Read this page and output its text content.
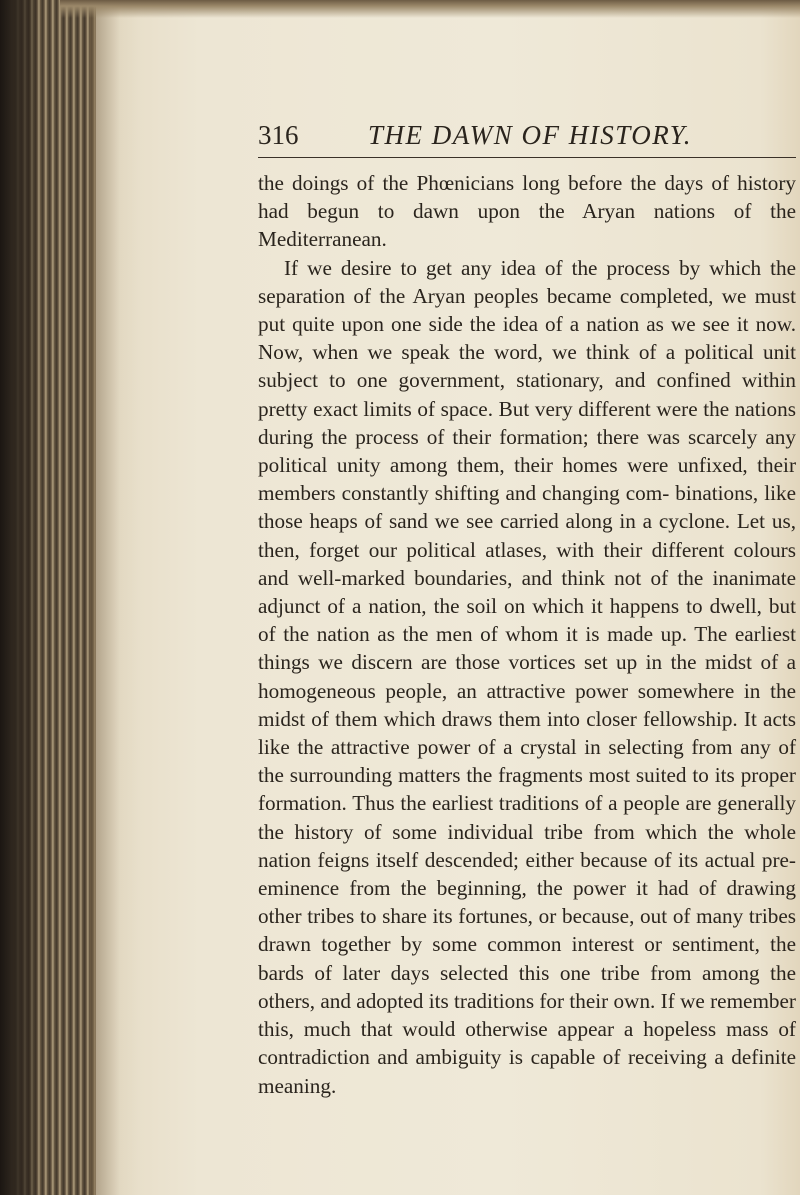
316	THE DAWN OF HISTORY.

the doings of the Phœnicians long before the days of history had begun to dawn upon the Aryan nations of the Mediterranean.

If we desire to get any idea of the process by which the separation of the Aryan peoples became completed, we must put quite upon one side the idea of a nation as we see it now. Now, when we speak the word, we think of a political unit subject to one government, stationary, and confined within pretty exact limits of space. But very different were the nations during the process of their formation; there was scarcely any political unity among them, their homes were unfixed, their members constantly shifting and changing com- binations, like those heaps of sand we see carried along in a cyclone. Let us, then, forget our political atlases, with their different colours and well-marked boundaries, and think not of the inanimate adjunct of a nation, the soil on which it happens to dwell, but of the nation as the men of whom it is made up. The earliest things we discern are those vortices set up in the midst of a homogeneous people, an attractive power somewhere in the midst of them which draws them into closer fellowship. It acts like the attractive power of a crystal in selecting from any of the surrounding matters the fragments most suited to its proper formation. Thus the earliest traditions of a people are generally the history of some individual tribe from which the whole nation feigns itself descended; either because of its actual pre-eminence from the beginning, the power it had of drawing other tribes to share its fortunes, or because, out of many tribes drawn together by some common interest or sentiment, the bards of later days selected this one tribe from among the others, and adopted its traditions for their own. If we remember this, much that would otherwise appear a hopeless mass of contradiction and ambiguity is capable of receiving a definite meaning.
